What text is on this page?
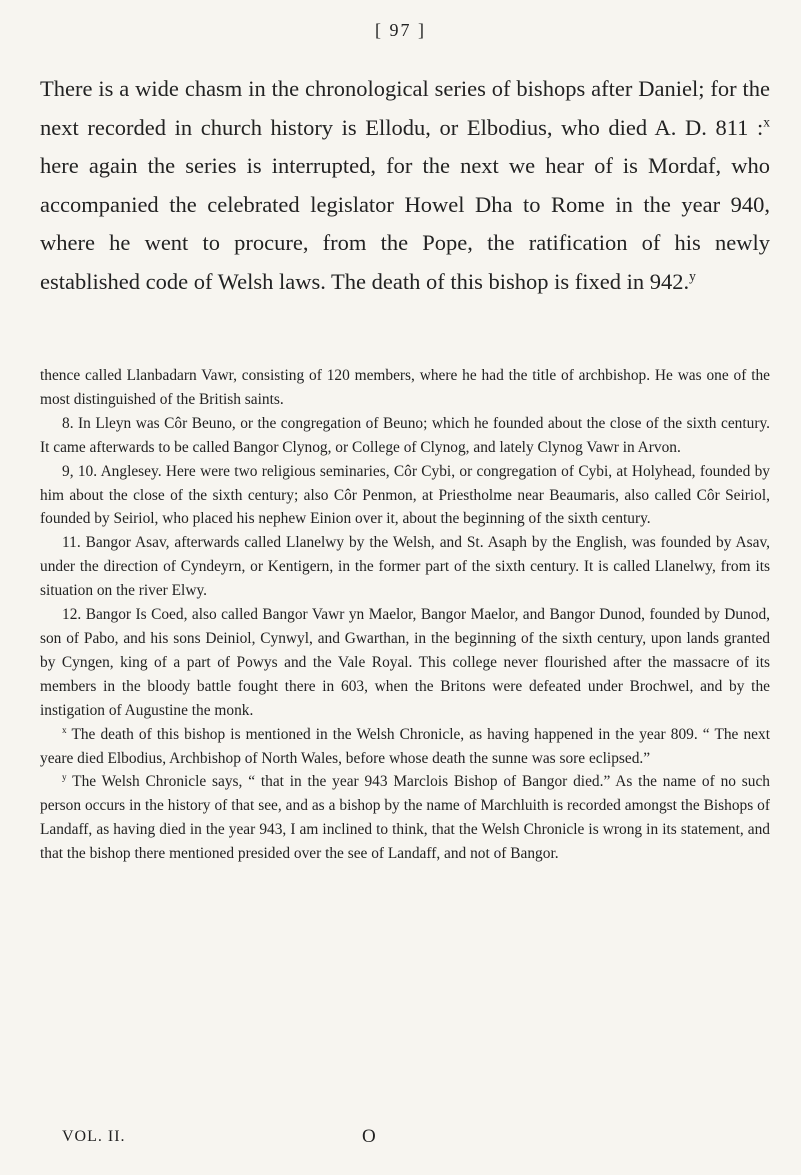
[ 97 ]

There is a wide chasm in the chronological series of bishops after Daniel; for the next recorded in church history is Ellodu, or Elbodius, who died A. D. 811 :$^x$ here again the series is interrupted, for the next we hear of is Mordaf, who accompanied the celebrated legislator Howel Dha to Rome in the year 940, where he went to procure, from the Pope, the ratification of his newly established code of Welsh laws. The death of this bishop is fixed in 942.$^y$

thence called Llanbadarn Vawr, consisting of 120 members, where he had the title of archbishop. He was one of the most distinguished of the British saints.

8. In Lleyn was Côr Beuno, or the congregation of Beuno; which he founded about the close of the sixth century. It came afterwards to be called Bangor Clynog, or College of Clynog, and lately Clynog Vawr in Arvon.

9, 10. Anglesey. Here were two religious seminaries, Côr Cybi, or congregation of Cybi, at Holyhead, founded by him about the close of the sixth century; also Côr Penmon, at Priestholme near Beaumaris, also called Côr Seiriol, founded by Seiriol, who placed his nephew Einion over it, about the beginning of the sixth century.

11. Bangor Asav, afterwards called Llanelwy by the Welsh, and St. Asaph by the English, was founded by Asav, under the direction of Cyndeyrn, or Kentigern, in the former part of the sixth century. It is called Llanelwy, from its situation on the river Elwy.

12. Bangor Is Coed, also called Bangor Vawr yn Maelor, Bangor Maelor, and Bangor Dunod, founded by Dunod, son of Pabo, and his sons Deiniol, Cynwyl, and Gwarthan, in the beginning of the sixth century, upon lands granted by Cyngen, king of a part of Powys and the Vale Royal. This college never flourished after the massacre of its members in the bloody battle fought there in 603, when the Britons were defeated under Brochwel, and by the instigation of Augustine the monk.

$^x$ The death of this bishop is mentioned in the Welsh Chronicle, as having happened in the year 809. “ The next yeare died Elbodius, Archbishop of North Wales, before whose death the sunne was sore eclipsed.”

$^y$ The Welsh Chronicle says, “ that in the year 943 Marclois Bishop of Bangor died.” As the name of no such person occurs in the history of that see, and as a bishop by the name of Marchluith is recorded amongst the Bishops of Landaff, as having died in the year 943, I am inclined to think, that the Welsh Chronicle is wrong in its statement, and that the bishop there mentioned presided over the see of Landaff, and not of Bangor.

VOL. II.	O
